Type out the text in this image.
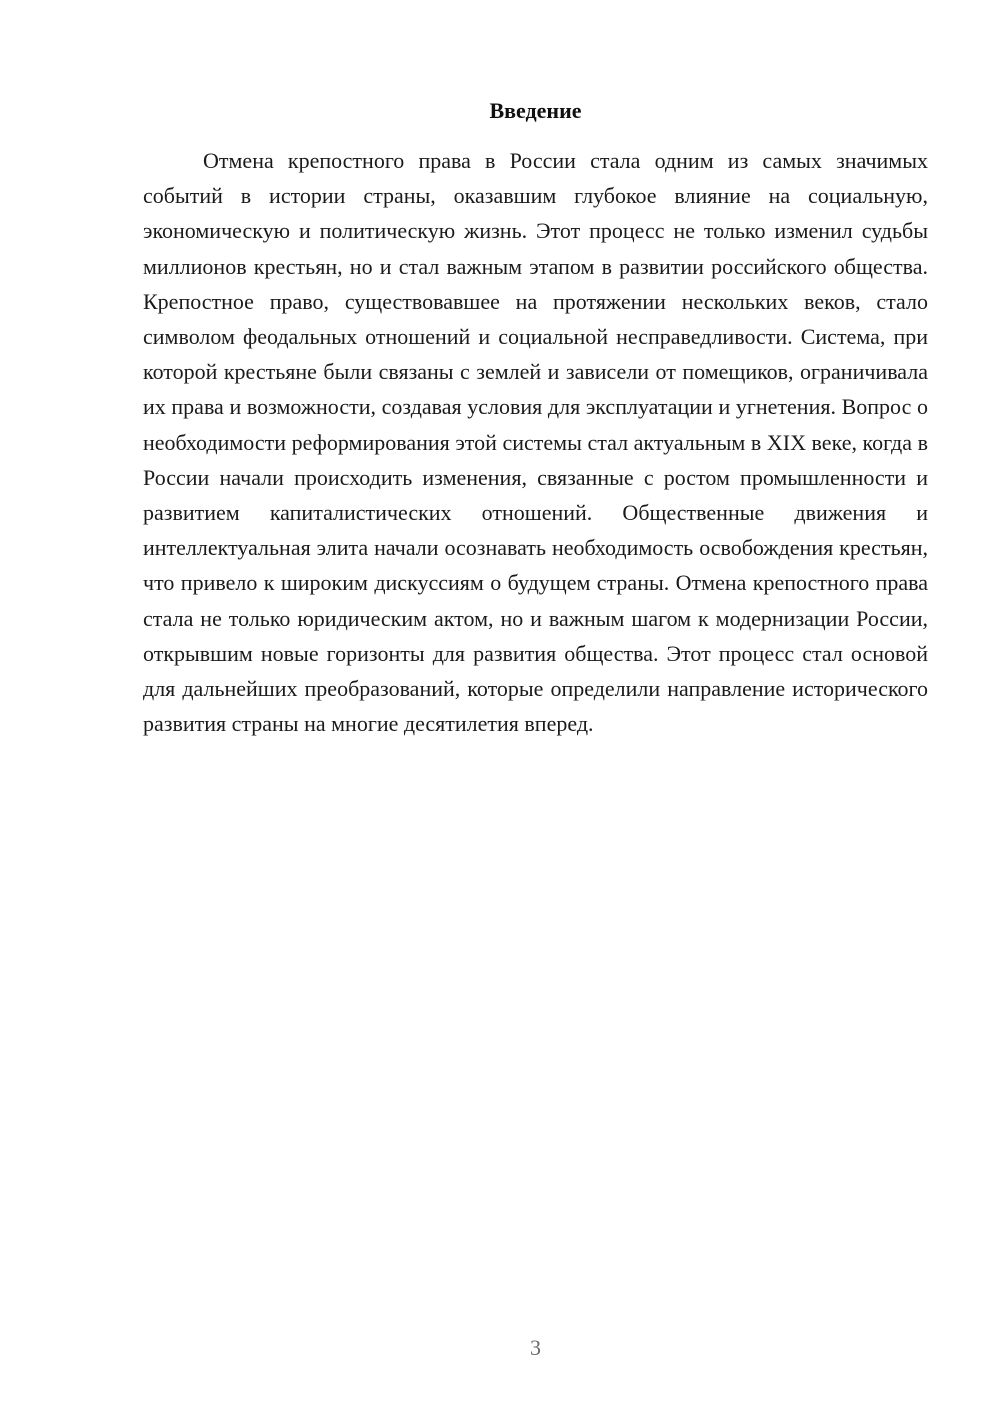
Введение

Отмена крепостного права в России стала одним из самых значимых событий в истории страны, оказавшим глубокое влияние на социальную, экономическую и политическую жизнь. Этот процесс не только изменил судьбы миллионов крестьян, но и стал важным этапом в развитии российского общества. Крепостное право, существовавшее на протяжении нескольких веков, стало символом феодальных отношений и социальной несправедливости. Система, при которой крестьяне были связаны с землей и зависели от помещиков, ограничивала их права и возможности, создавая условия для эксплуатации и угнетения. Вопрос о необходимости реформирования этой системы стал актуальным в XIX веке, когда в России начали происходить изменения, связанные с ростом промышленности и развитием капиталистических отношений. Общественные движения и интеллектуальная элита начали осознавать необходимость освобождения крестьян, что привело к широким дискуссиям о будущем страны. Отмена крепостного права стала не только юридическим актом, но и важным шагом к модернизации России, открывшим новые горизонты для развития общества. Этот процесс стал основой для дальнейших преобразований, которые определили направление исторического развития страны на многие десятилетия вперед.

3
